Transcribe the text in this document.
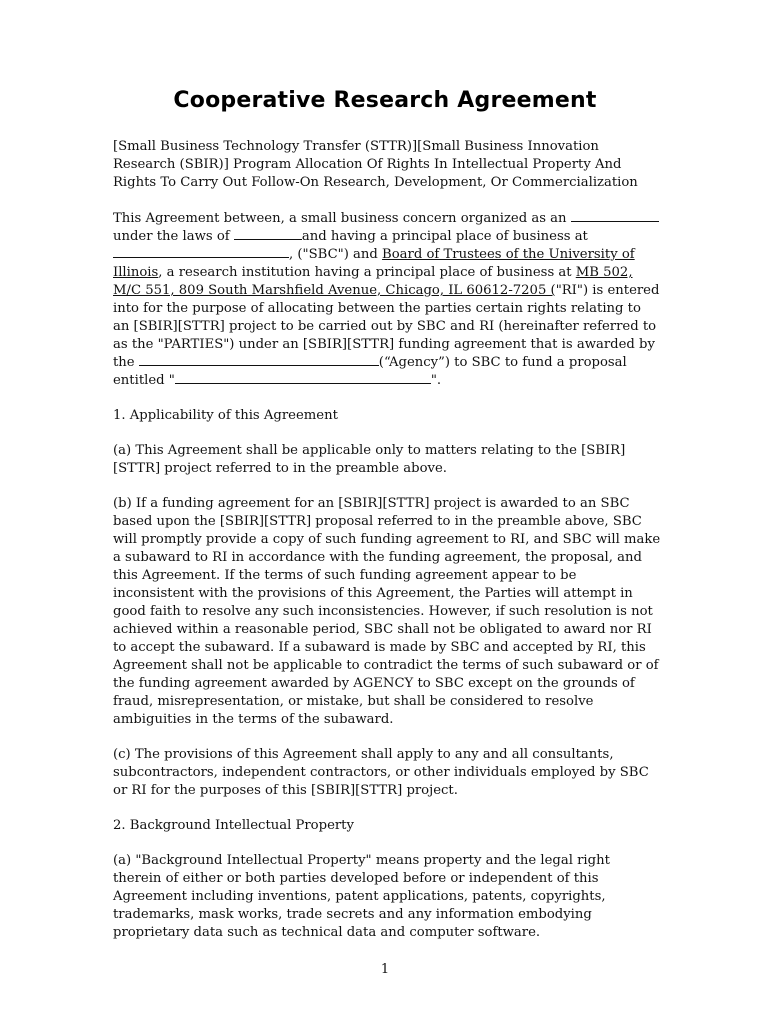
Cooperative Research Agreement

[Small Business Technology Transfer (STTR)][Small Business Innovation Research (SBIR)] Program Allocation Of Rights In Intellectual Property And Rights To Carry Out Follow-On Research, Development, Or Commercialization

This Agreement between, a small business concern organized as an  under the laws of	and having a principal place of business at , ("SBC") and Board of Trustees of the University of Illinois, a research institution having a principal place of business at MB 502, M/C 551, 809 South Marshfield Avenue, Chicago, IL 60612-7205 ("RI") is entered into for the purpose of allocating between the parties certain rights relating to an [SBIR][STTR] project to be carried out by SBC and RI (hereinafter referred to as the "PARTIES") under an [SBIR][STTR] funding agreement that is awarded by the	(“Agency”) to SBC to fund a proposal entitled "	".

1. Applicability of this Agreement

(a) This Agreement shall be applicable only to matters relating to the [SBIR][STTR] project referred to in the preamble above.

(b) If a funding agreement for an [SBIR][STTR] project is awarded to an SBC based upon the [SBIR][STTR] proposal referred to in the preamble above, SBC will promptly provide a copy of such funding agreement to RI, and SBC will make a subaward to RI in accordance with the funding agreement, the proposal, and this Agreement. If the terms of such funding agreement appear to be inconsistent with the provisions of this Agreement, the Parties will attempt in good faith to resolve any such inconsistencies. However, if such resolution is not achieved within a reasonable period, SBC shall not be obligated to award nor RI to accept the subaward. If a subaward is made by SBC and accepted by RI, this Agreement shall not be applicable to contradict the terms of such subaward or of the funding agreement awarded by AGENCY to SBC except on the grounds of fraud, misrepresentation, or mistake, but shall be considered to resolve ambiguities in the terms of the subaward.

(c) The provisions of this Agreement shall apply to any and all consultants, subcontractors, independent contractors, or other individuals employed by SBC or RI for the purposes of this [SBIR][STTR] project.

2. Background Intellectual Property

(a) "Background Intellectual Property" means property and the legal right therein of either or both parties developed before or independent of this Agreement including inventions, patent applications, patents, copyrights, trademarks, mask works, trade secrets and any information embodying proprietary data such as technical data and computer software.

1
